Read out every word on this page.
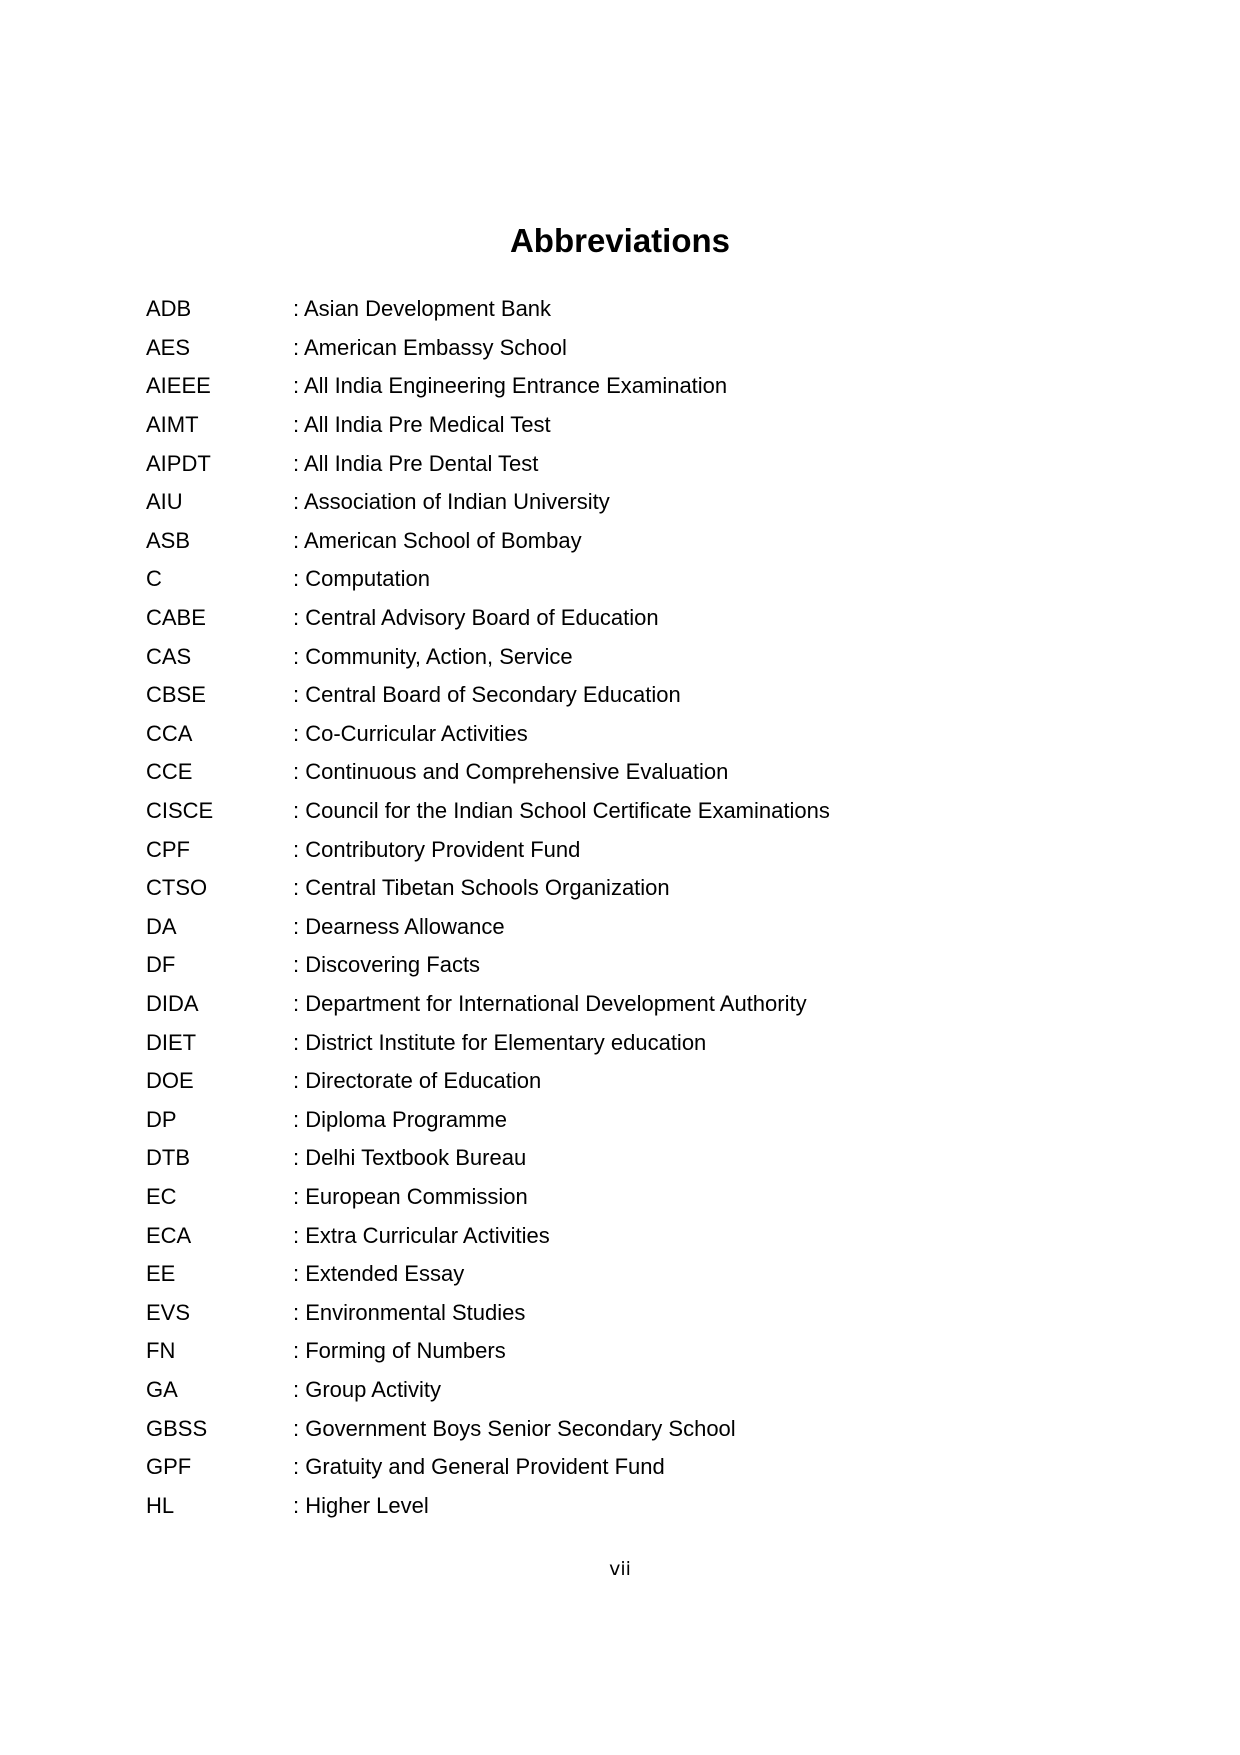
Abbreviations
ADB	: Asian Development Bank
AES	: American Embassy School
AIEEE	: All India Engineering Entrance Examination
AIMT	: All India Pre Medical Test
AIPDT	: All India Pre Dental Test
AIU	: Association of Indian University
ASB	: American School of Bombay
C	: Computation
CABE	: Central Advisory Board of Education
CAS	: Community, Action, Service
CBSE	: Central Board of Secondary Education
CCA	: Co-Curricular Activities
CCE	: Continuous and Comprehensive Evaluation
CISCE	: Council for the Indian School Certificate Examinations
CPF	: Contributory Provident Fund
CTSO	: Central Tibetan Schools Organization
DA	: Dearness Allowance
DF	: Discovering Facts
DIDA	: Department for International Development Authority
DIET	: District Institute for Elementary education
DOE	: Directorate of Education
DP	: Diploma Programme
DTB	: Delhi Textbook Bureau
EC	: European Commission
ECA	: Extra Curricular Activities
EE	: Extended Essay
EVS	: Environmental Studies
FN	: Forming of Numbers
GA	: Group Activity
GBSS	: Government Boys Senior Secondary School
GPF	: Gratuity and General Provident Fund
HL	: Higher Level
vii
